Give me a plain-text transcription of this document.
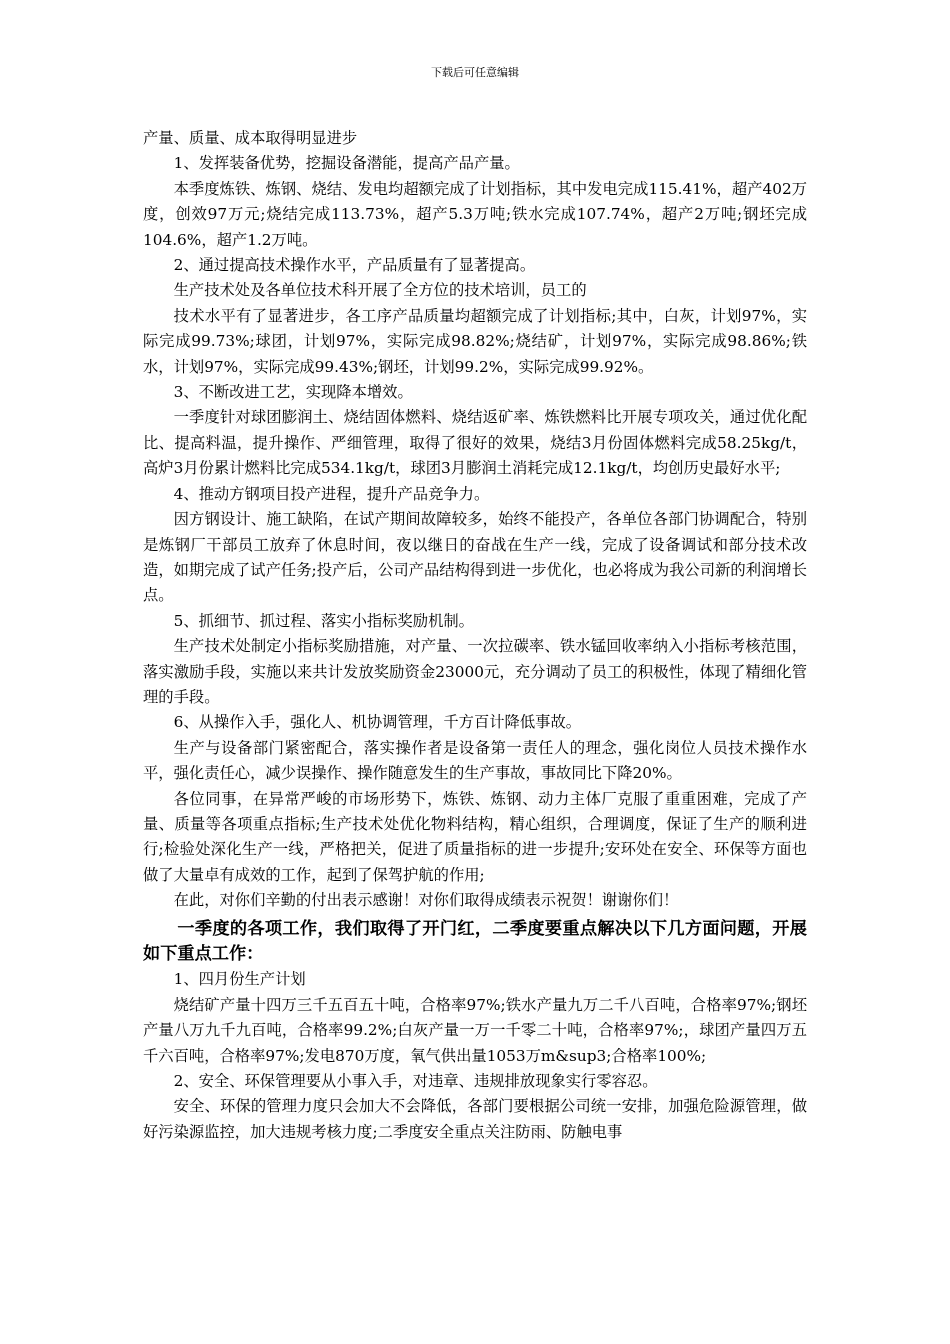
下载后可任意编辑

产量、质量、成本取得明显进步

1、发挥装备优势，挖掘设备潜能，提高产品产量。

本季度炼铁、炼钢、烧结、发电均超额完成了计划指标，其中发电完成115.41%，超产402万度，创效97万元;烧结完成113.73%，超产5.3万吨;铁水完成107.74%，超产2万吨;钢坯完成104.6%，超产1.2万吨。

2、通过提高技术操作水平，产品质量有了显著提高。

生产技术处及各单位技术科开展了全方位的技术培训，员工的

技术水平有了显著进步，各工序产品质量均超额完成了计划指标;其中，白灰，计划97%，实际完成99.73%;球团，计划97%，实际完成98.82%;烧结矿，计划97%，实际完成98.86%;铁水，计划97%，实际完成99.43%;钢坯，计划99.2%，实际完成99.92%。

3、不断改进工艺，实现降本增效。

一季度针对球团膨润土、烧结固体燃料、烧结返矿率、炼铁燃料比开展专项攻关，通过优化配比、提高料温，提升操作、严细管理，取得了很好的效果，烧结3月份固体燃料完成58.25kg/t，高炉3月份累计燃料比完成534.1kg/t，球团3月膨润土消耗完成12.1kg/t，均创历史最好水平;

4、推动方钢项目投产进程，提升产品竞争力。

因方钢设计、施工缺陷，在试产期间故障较多，始终不能投产，各单位各部门协调配合，特别是炼钢厂干部员工放弃了休息时间，夜以继日的奋战在生产一线，完成了设备调试和部分技术改造，如期完成了试产任务;投产后，公司产品结构得到进一步优化，也必将成为我公司新的利润增长点。

5、抓细节、抓过程、落实小指标奖励机制。

生产技术处制定小指标奖励措施，对产量、一次拉碳率、铁水锰回收率纳入小指标考核范围，落实激励手段，实施以来共计发放奖励资金23000元，充分调动了员工的积极性，体现了精细化管理的手段。

6、从操作入手，强化人、机协调管理，千方百计降低事故。

生产与设备部门紧密配合，落实操作者是设备第一责任人的理念，强化岗位人员技术操作水平，强化责任心，减少误操作、操作随意发生的生产事故，事故同比下降20%。

各位同事，在异常严峻的市场形势下，炼铁、炼钢、动力主体厂克服了重重困难，完成了产量、质量等各项重点指标;生产技术处优化物料结构，精心组织，合理调度，保证了生产的顺利进行;检验处深化生产一线，严格把关，促进了质量指标的进一步提升;安环处在安全、环保等方面也做了大量卓有成效的工作，起到了保驾护航的作用;

在此，对你们辛勤的付出表示感谢！对你们取得成绩表示祝贺！谢谢你们！

一季度的各项工作，我们取得了开门红，二季度要重点解决以下几方面问题，开展如下重点工作：

1、四月份生产计划

烧结矿产量十四万三千五百五十吨，合格率97%;铁水产量九万二千八百吨，合格率97%;钢坯产量八万九千九百吨，合格率99.2%;白灰产量一万一千零二十吨，合格率97%;，球团产量四万五千六百吨，合格率97%;发电870万度，氧气供出量1053万m&sup3;合格率100%;

2、安全、环保管理要从小事入手，对违章、违规排放现象实行零容忍。

安全、环保的管理力度只会加大不会降低，各部门要根据公司统一安排，加强危险源管理，做好污染源监控，加大违规考核力度;二季度安全重点关注防雨、防触电事
